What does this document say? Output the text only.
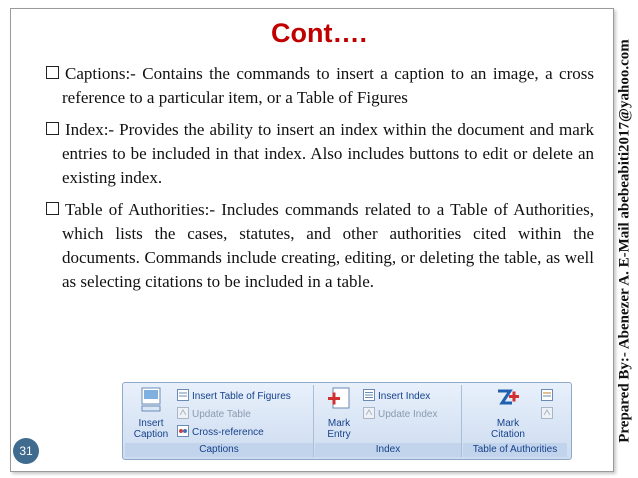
Cont….

Captions:- Contains the commands to insert a caption to an image, a cross reference to a particular item, or a Table of Figures

Index:- Provides the ability to insert an index within the document and mark entries to be included in that index. Also includes buttons to edit or delete an existing index.

Table of Authorities:- Includes commands related to a Table of Authorities, which lists the cases, statutes, and other authorities cited within the documents. Commands include creating, editing, or deleting the table, as well as selecting citations to be included in a table.	Prepared By:- Abenezer A. E-Mail abebeabiti2017@yahoo.com
31
Insert
Caption
Insert Table of Figures
Update Table
Cross-reference
Captions
Mark
Entry
Insert Index
Update Index
Index
Mark
Citation
Table of Authorities
